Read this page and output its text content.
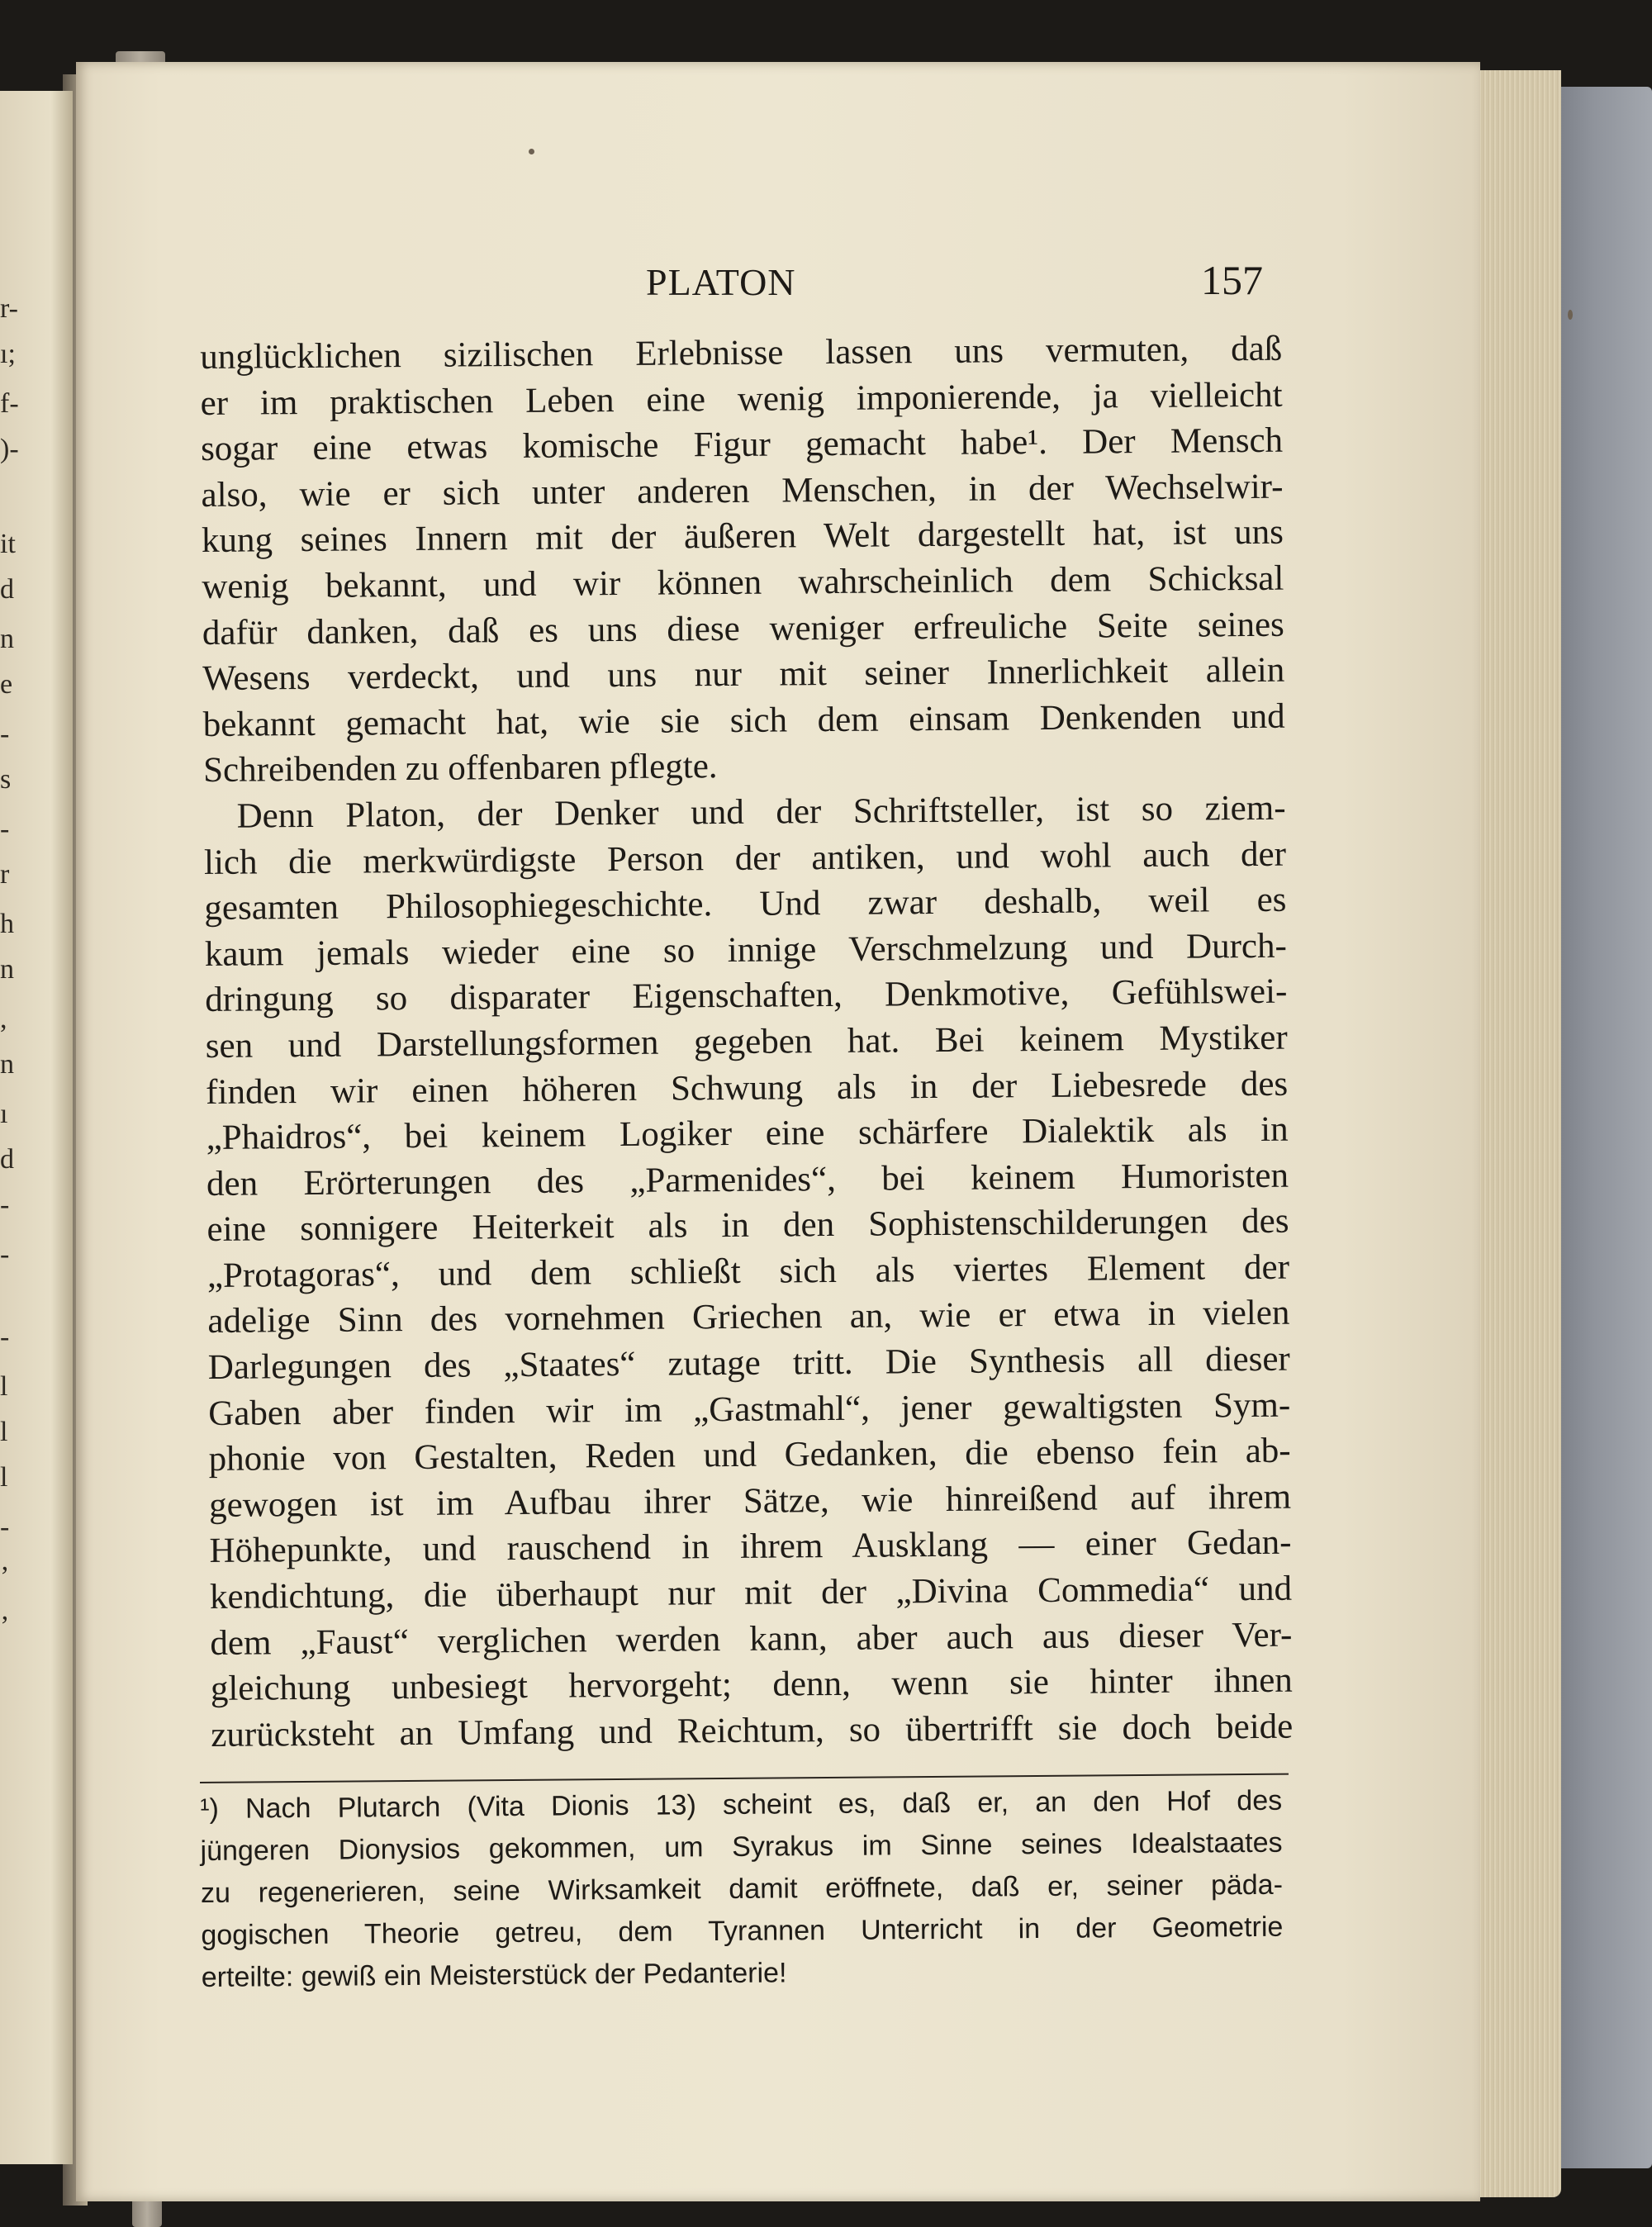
r-
ı;
f-
)-
it
d
n
e
-
s
-
r
h
n
,
n
ı
d
-
-
-
l
l
l
-
’
’
PLATON	157
unglücklichen sizilischen Erlebnisse lassen uns vermuten, daß
er im praktischen Leben eine wenig imponierende, ja vielleicht
sogar eine etwas komische Figur gemacht habe¹. Der Mensch
also, wie er sich unter anderen Menschen, in der Wechselwir-
kung seines Innern mit der äußeren Welt dargestellt hat, ist uns
wenig bekannt, und wir können wahrscheinlich dem Schicksal
dafür danken, daß es uns diese weniger erfreuliche Seite seines
Wesens verdeckt, und uns nur mit seiner Innerlichkeit allein
bekannt gemacht hat, wie sie sich dem einsam Denkenden und
Schreibenden zu offenbaren pflegte.
Denn Platon, der Denker und der Schriftsteller, ist so ziem-
lich die merkwürdigste Person der antiken, und wohl auch der
gesamten Philosophiegeschichte. Und zwar deshalb, weil es
kaum jemals wieder eine so innige Verschmelzung und Durch-
dringung so disparater Eigenschaften, Denkmotive, Gefühlswei-
sen und Darstellungsformen gegeben hat. Bei keinem Mystiker
finden wir einen höheren Schwung als in der Liebesrede des
„Phaidros“, bei keinem Logiker eine schärfere Dialektik als in
den Erörterungen des „Parmenides“, bei keinem Humoristen
eine sonnigere Heiterkeit als in den Sophistenschilderungen des
„Protagoras“, und dem schließt sich als viertes Element der
adelige Sinn des vornehmen Griechen an, wie er etwa in vielen
Darlegungen des „Staates“ zutage tritt. Die Synthesis all dieser
Gaben aber finden wir im „Gastmahl“, jener gewaltigsten Sym-
phonie von Gestalten, Reden und Gedanken, die ebenso fein ab-
gewogen ist im Aufbau ihrer Sätze, wie hinreißend auf ihrem
Höhepunkte, und rauschend in ihrem Ausklang — einer Gedan-
kendichtung, die überhaupt nur mit der „Divina Commedia“ und
dem „Faust“ verglichen werden kann, aber auch aus dieser Ver-
gleichung unbesiegt hervorgeht; denn, wenn sie hinter ihnen
zurücksteht an Umfang und Reichtum, so übertrifft sie doch beide
¹) Nach Plutarch (Vita Dionis 13) scheint es, daß er, an den Hof des
jüngeren Dionysios gekommen, um Syrakus im Sinne seines Idealstaates
zu regenerieren, seine Wirksamkeit damit eröffnete, daß er, seiner päda-
gogischen Theorie getreu, dem Tyrannen Unterricht in der Geometrie
erteilte: gewiß ein Meisterstück der Pedanterie!
